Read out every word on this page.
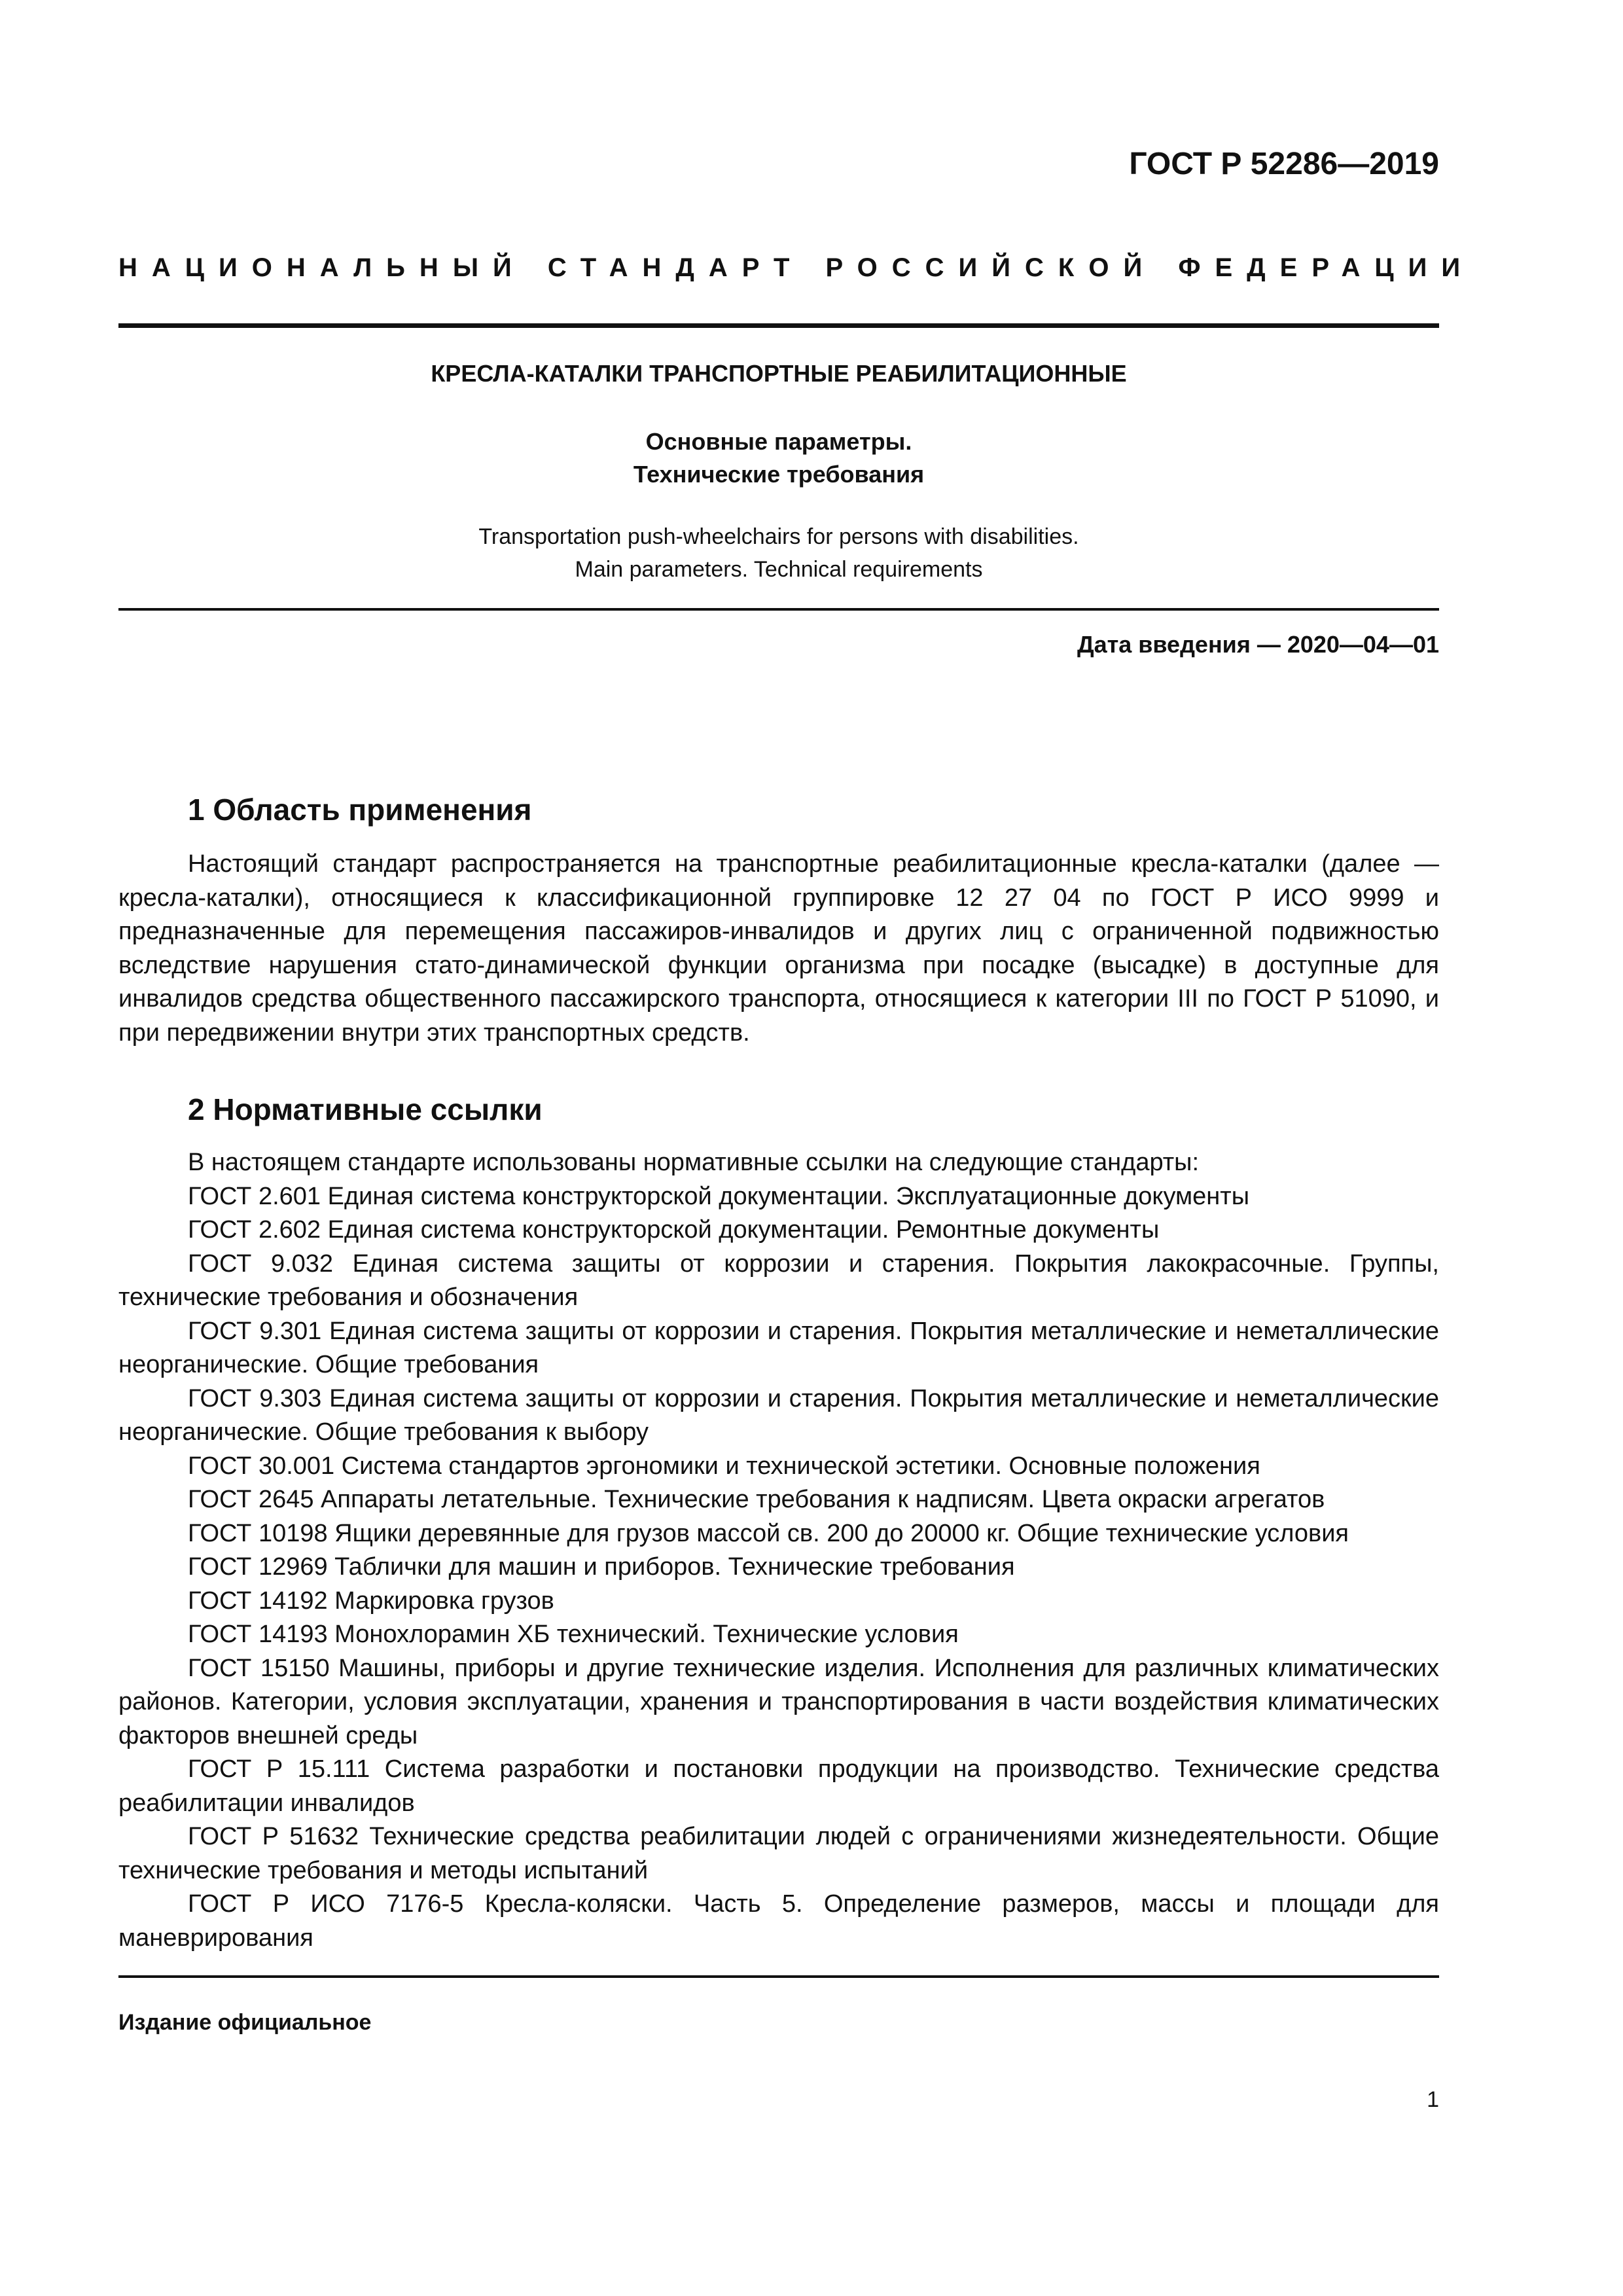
ГОСТ Р 52286—2019
НАЦИОНАЛЬНЫЙ СТАНДАРТ РОССИЙСКОЙ ФЕДЕРАЦИИ
КРЕСЛА-КАТАЛКИ ТРАНСПОРТНЫЕ РЕАБИЛИТАЦИОННЫЕ
Основные параметры.
Технические требования
Transportation push-wheelchairs for persons with disabilities.
Main parameters. Technical requirements
Дата введения — 2020—04—01
1 Область применения

Настоящий стандарт распространяется на транспортные реабилитационные кресла-каталки (далее — кресла-каталки), относящиеся к классификационной группировке 12 27 04 по ГОСТ Р ИСО 9999 и предназначенные для перемещения пассажиров-инвалидов и других лиц с ограниченной подвижностью вследствие нарушения стато-динамической функции организма при посадке (высадке) в доступные для инвалидов средства общественного пассажирского транспорта, относящиеся к категории III по ГОСТ Р 51090, и при передвижении внутри этих транспортных средств.

2 Нормативные ссылки

В настоящем стандарте использованы нормативные ссылки на следующие стандарты:

ГОСТ 2.601 Единая система конструкторской документации. Эксплуатационные документы

ГОСТ 2.602 Единая система конструкторской документации. Ремонтные документы

ГОСТ 9.032 Единая система защиты от коррозии и старения. Покрытия лакокрасочные. Группы, технические требования и обозначения

ГОСТ 9.301 Единая система защиты от коррозии и старения. Покрытия металлические и неметаллические неорганические. Общие требования

ГОСТ 9.303 Единая система защиты от коррозии и старения. Покрытия металлические и неметаллические неорганические. Общие требования к выбору

ГОСТ 30.001 Система стандартов эргономики и технической эстетики. Основные положения

ГОСТ 2645 Аппараты летательные. Технические требования к надписям. Цвета окраски агрегатов

ГОСТ 10198 Ящики деревянные для грузов массой св. 200 до 20000 кг. Общие технические условия

ГОСТ 12969 Таблички для машин и приборов. Технические требования

ГОСТ 14192 Маркировка грузов

ГОСТ 14193 Монохлорамин ХБ технический. Технические условия

ГОСТ 15150 Машины, приборы и другие технические изделия. Исполнения для различных климатических районов. Категории, условия эксплуатации, хранения и транспортирования в части воздействия климатических факторов внешней среды

ГОСТ Р 15.111 Система разработки и постановки продукции на производство. Технические средства реабилитации инвалидов

ГОСТ Р 51632 Технические средства реабилитации людей с ограничениями жизнедеятельности. Общие технические требования и методы испытаний

ГОСТ Р ИСО 7176-5 Кресла-коляски. Часть 5. Определение размеров, массы и площади для маневрирования

Издание официальное
1
